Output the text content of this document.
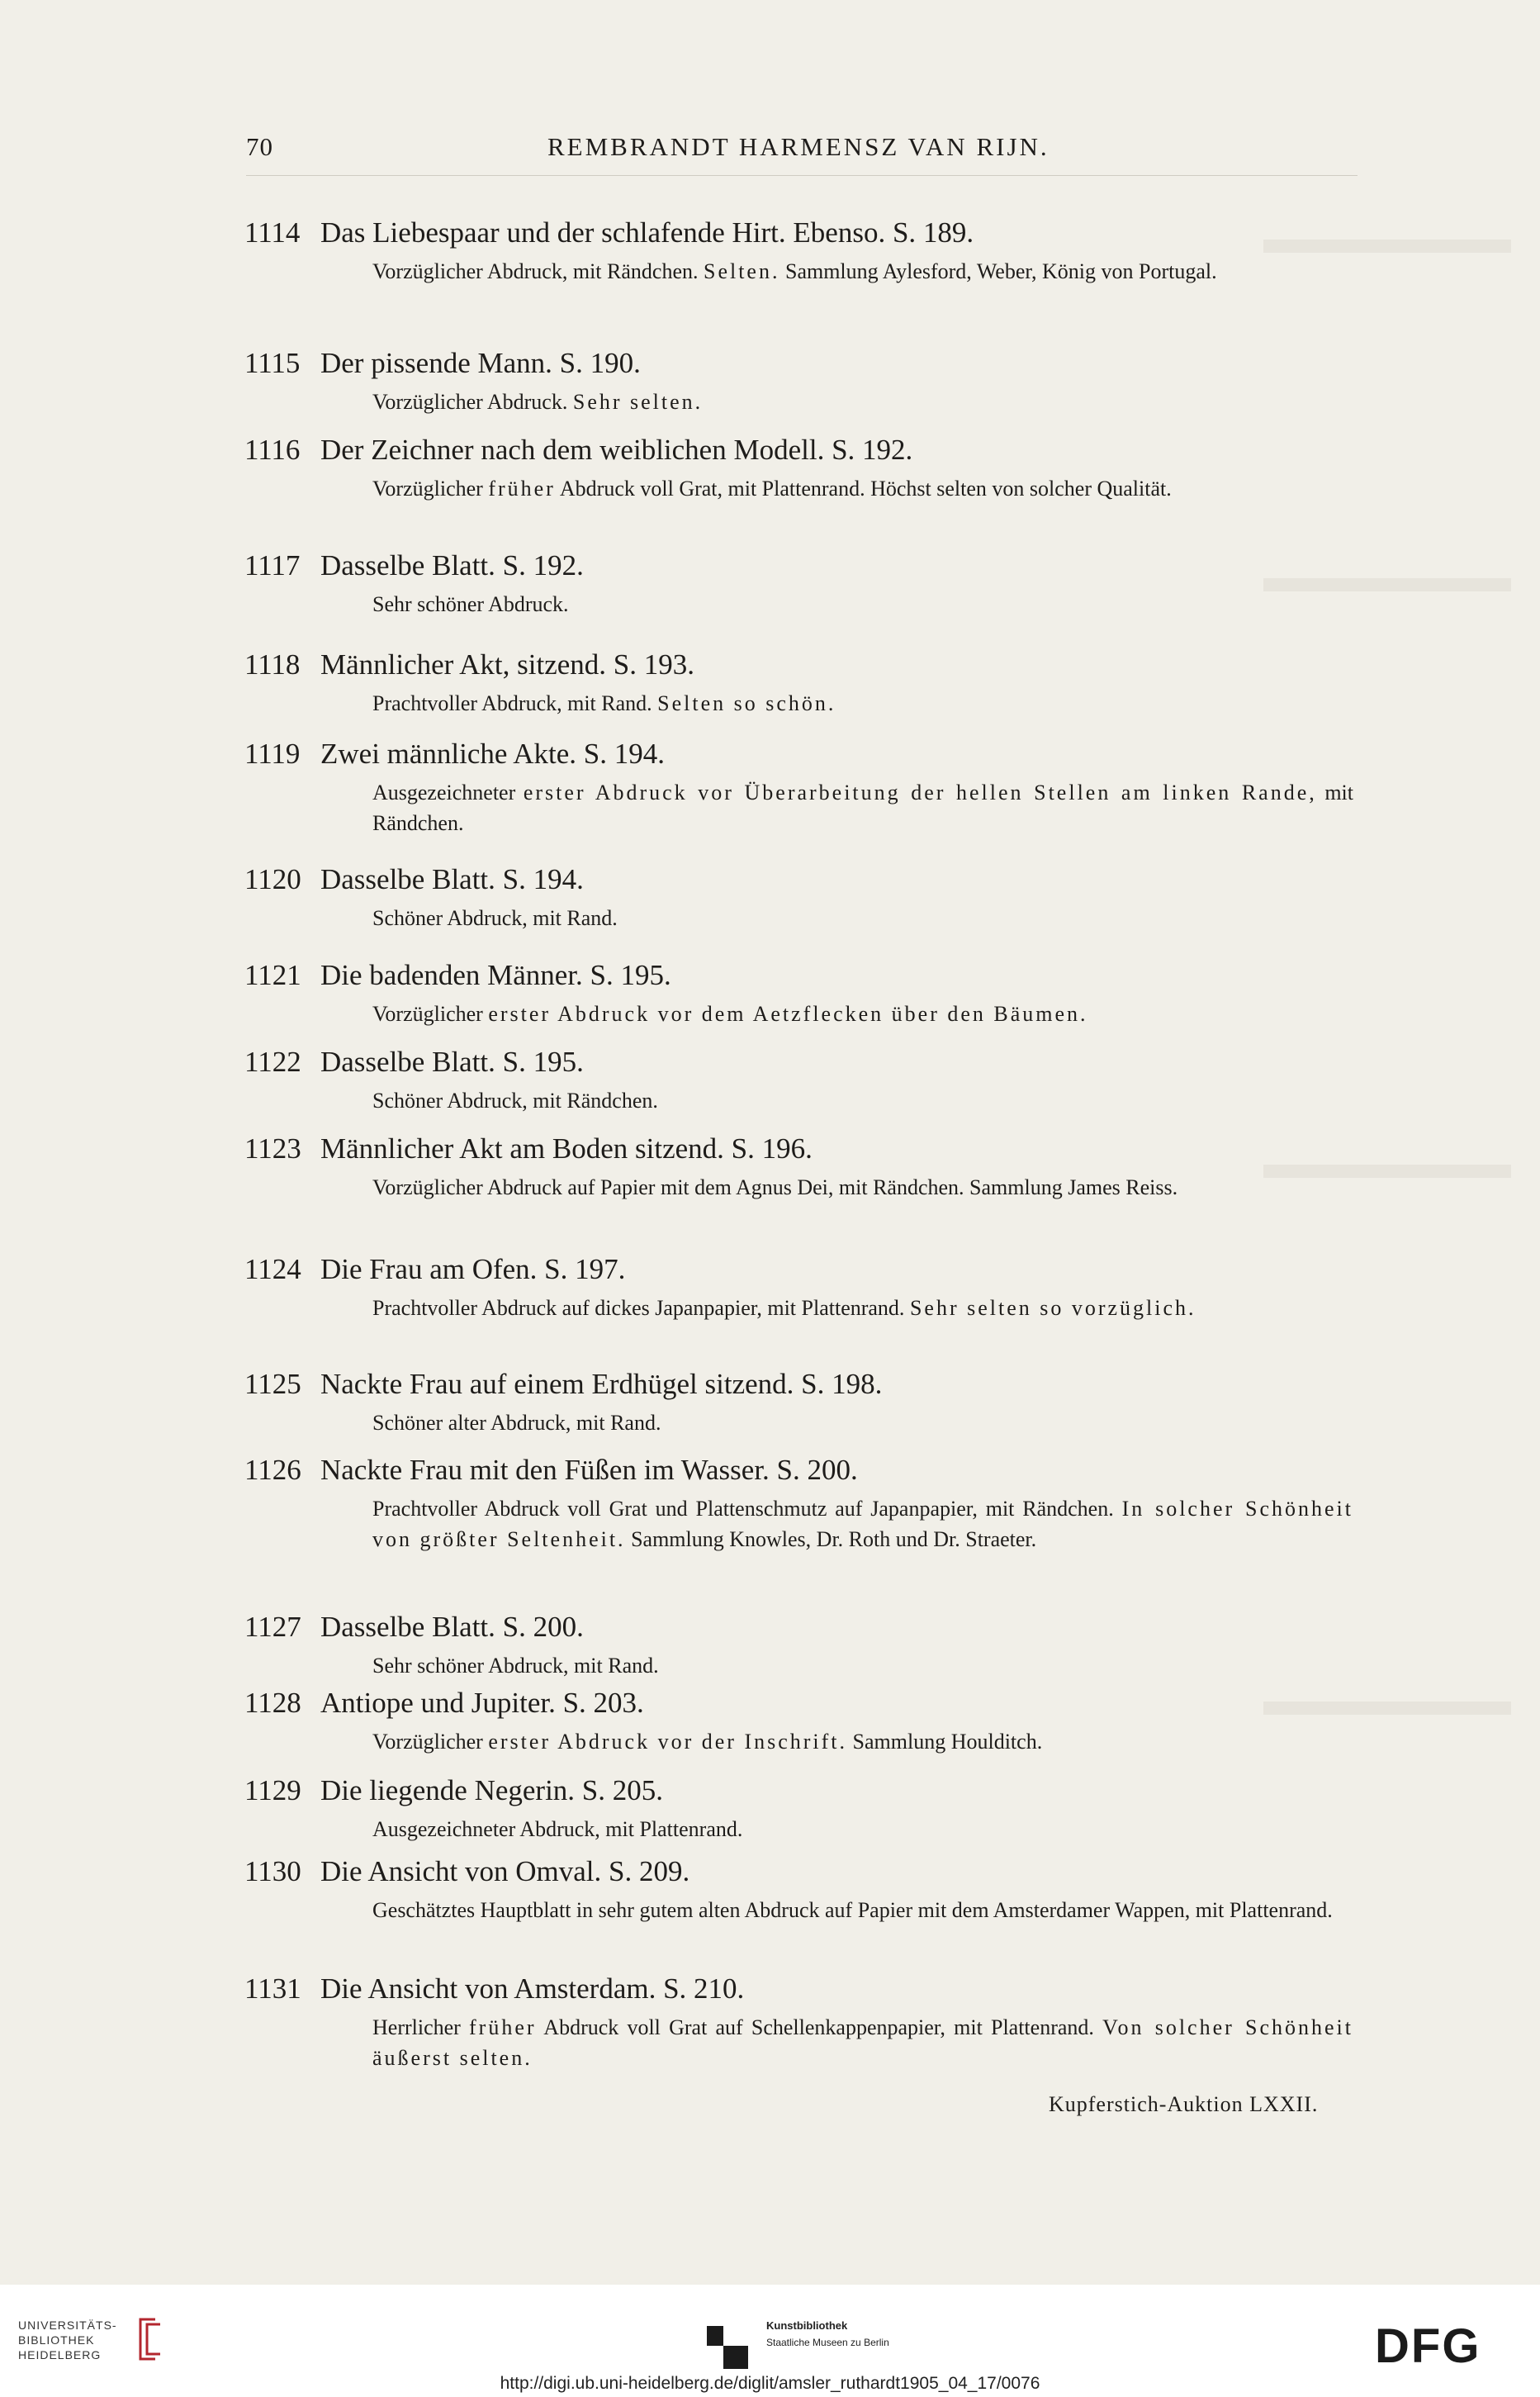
70	REMBRANDT HARMENSZ VAN RIJN.
1114 Das Liebespaar und der schlafende Hirt. Ebenso. S. 189.
Vorzüglicher Abdruck, mit Rändchen. Selten. Sammlung Aylesford, Weber, König von Portugal.
1115 Der pissende Mann. S. 190.
Vorzüglicher Abdruck. Sehr selten.
1116 Der Zeichner nach dem weiblichen Modell. S. 192.
Vorzüglicher früher Abdruck voll Grat, mit Plattenrand. Höchst selten von solcher Qualität.
1117 Dasselbe Blatt. S. 192.
Sehr schöner Abdruck.
1118 Männlicher Akt, sitzend. S. 193.
Prachtvoller Abdruck, mit Rand. Selten so schön.
1119 Zwei männliche Akte. S. 194.
Ausgezeichneter erster Abdruck vor Überarbeitung der hellen Stellen am linken Rande, mit Rändchen.
1120 Dasselbe Blatt. S. 194.
Schöner Abdruck, mit Rand.
1121 Die badenden Männer. S. 195.
Vorzüglicher erster Abdruck vor dem Aetzflecken über den Bäumen.
1122 Dasselbe Blatt. S. 195.
Schöner Abdruck, mit Rändchen.
1123 Männlicher Akt am Boden sitzend. S. 196.
Vorzüglicher Abdruck auf Papier mit dem Agnus Dei, mit Rändchen. Sammlung James Reiss.
1124 Die Frau am Ofen. S. 197.
Prachtvoller Abdruck auf dickes Japanpapier, mit Plattenrand. Sehr selten so vorzüglich.
1125 Nackte Frau auf einem Erdhügel sitzend. S. 198.
Schöner alter Abdruck, mit Rand.
1126 Nackte Frau mit den Füßen im Wasser. S. 200.
Prachtvoller Abdruck voll Grat und Plattenschmutz auf Japanpapier, mit Rändchen. In solcher Schönheit von größter Seltenheit. Sammlung Knowles, Dr. Roth und Dr. Straeter.
1127 Dasselbe Blatt. S. 200.
Sehr schöner Abdruck, mit Rand.
1128 Antiope und Jupiter. S. 203.
Vorzüglicher erster Abdruck vor der Inschrift. Sammlung Houlditch.
1129 Die liegende Negerin. S. 205.
Ausgezeichneter Abdruck, mit Plattenrand.
1130 Die Ansicht von Omval. S. 209.
Geschätztes Hauptblatt in sehr gutem alten Abdruck auf Papier mit dem Amsterdamer Wappen, mit Plattenrand.
1131 Die Ansicht von Amsterdam. S. 210.
Herrlicher früher Abdruck voll Grat auf Schellenkappenpapier, mit Plattenrand. Von solcher Schönheit äußerst selten.
Kupferstich-Auktion LXXII.
UNIVERSITÄTS-
BIBLIOTHEK
HEIDELBERG
Kunstbibliothek
Staatliche Museen zu Berlin	DFG
http://digi.ub.uni-heidelberg.de/diglit/amsler_ruthardt1905_04_17/0076
